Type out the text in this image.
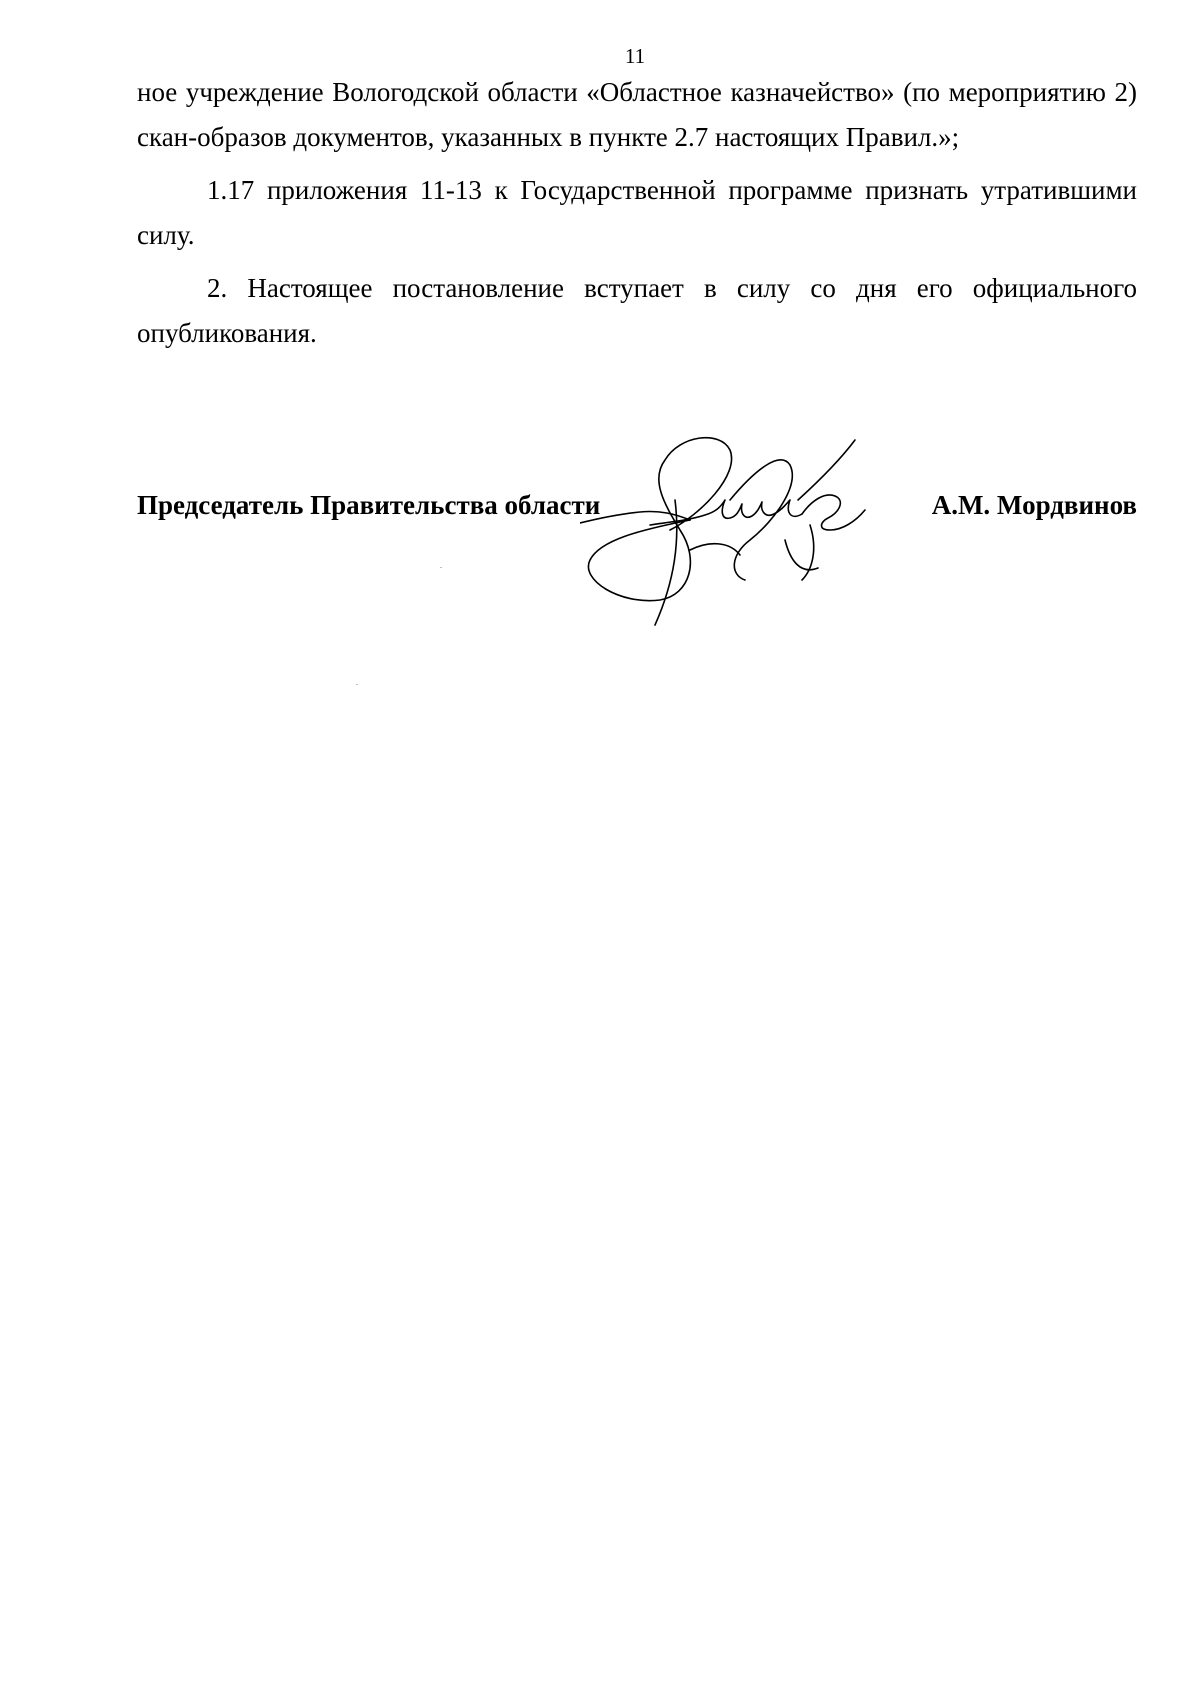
11

ное учреждение Вологодской области «Областное казначейство» (по мероприятию 2) скан-образов документов, указанных в пункте 2.7 настоящих Правил.»;

1.17 приложения 11-13 к Государственной программе признать утратившими силу.

2. Настоящее постановление вступает в силу со дня его официального опубликования.

Председатель Правительства области	А.М. Мордвинов
